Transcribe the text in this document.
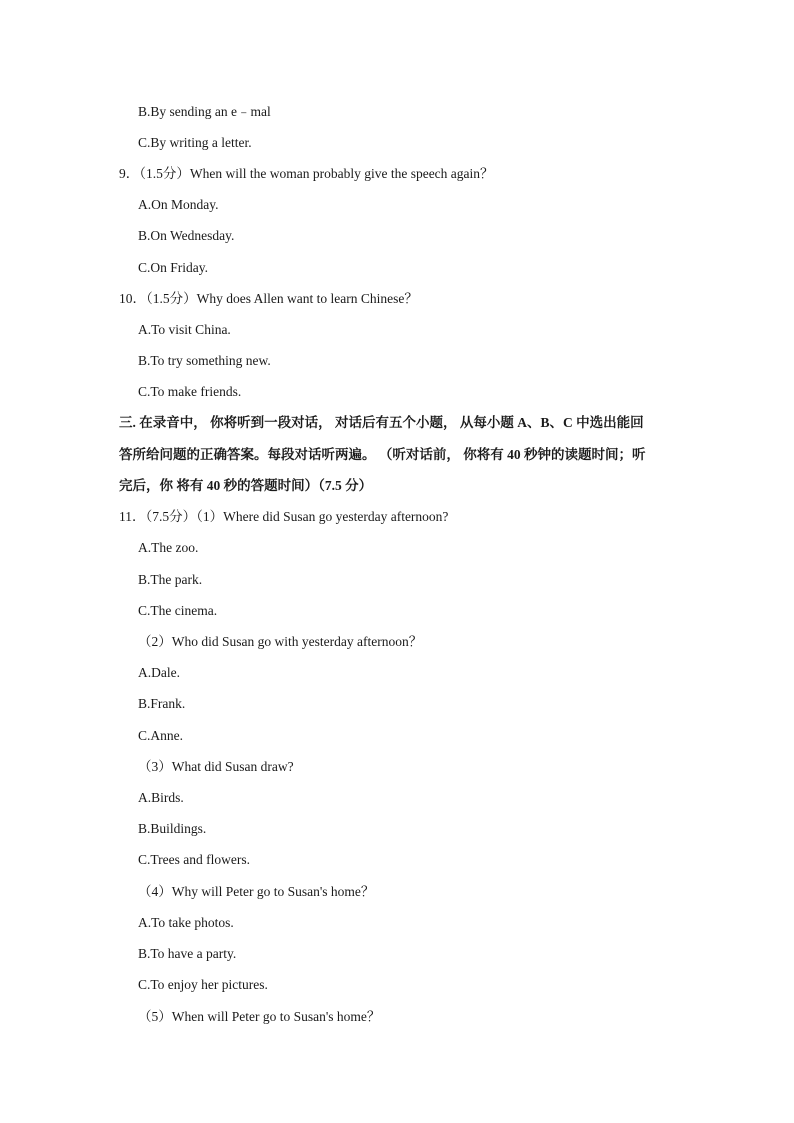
B.By sending an e﹣mal
C.By writing a letter.
9．（1.5分）When will the woman probably give the speech again？
A.On Monday.
B.On Wednesday.
C.On Friday.
10．（1.5分）Why does Allen want to learn Chinese？
A.To visit China.
B.To try something new.
C.To make friends.
三. 在录音中， 你将听到一段对话， 对话后有五个小题， 从每小题 A、B、C 中选出能回
答所给问题的正确答案。每段对话听两遍。 （听对话前， 你将有 40 秒钟的读题时间；听
完后，你 将有 40 秒的答题时间）（7.5 分）
11．（7.5分）（1）Where did Susan go yesterday afternoon?
A.The zoo.
B.The park.
C.The cinema.
（2）Who did Susan go with yesterday afternoon？
A.Dale.
B.Frank.
C.Anne.
（3）What did Susan draw?
A.Birds.
B.Buildings.
C.Trees and flowers.
（4）Why will Peter go to Susan's home？
A.To take photos.
B.To have a party.
C.To enjoy her pictures.
（5）When will Peter go to Susan's home？
